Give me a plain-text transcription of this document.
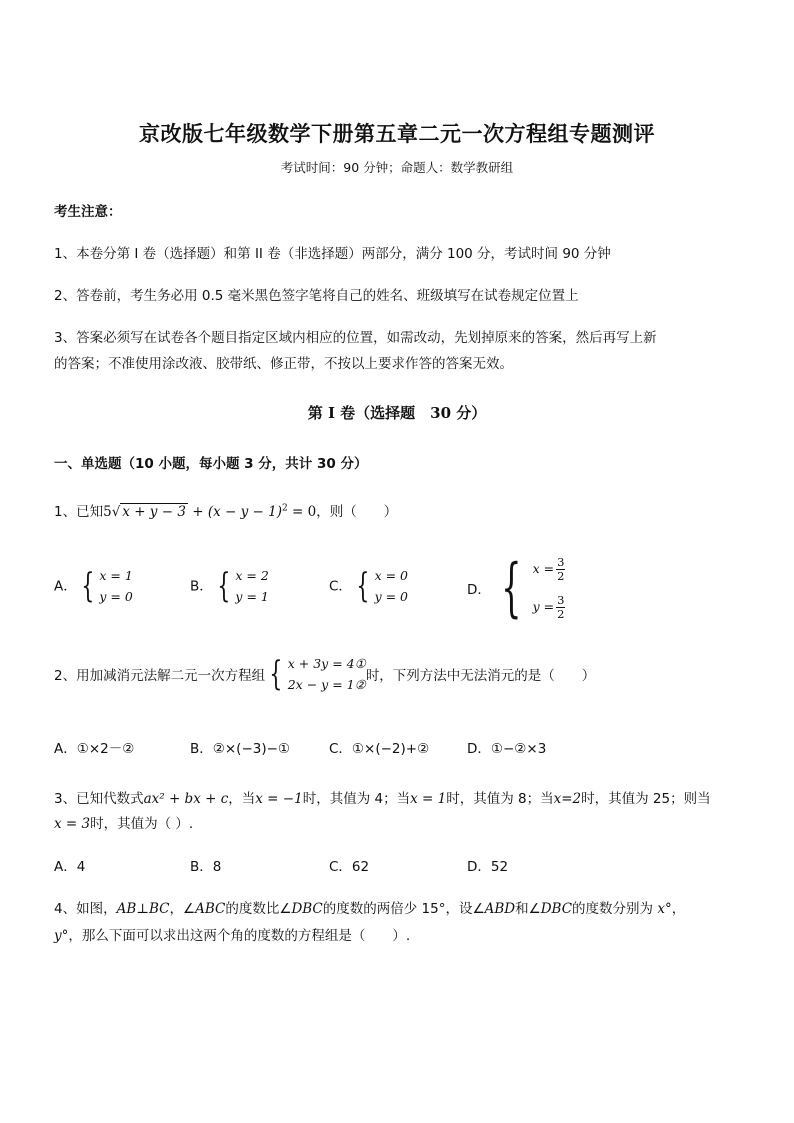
京改版七年级数学下册第五章二元一次方程组专题测评
考试时间：90 分钟；命题人：数学教研组
考生注意：
1、本卷分第 I 卷（选择题）和第 II 卷（非选择题）两部分，满分 100 分，考试时间 90 分钟
2、答卷前，考生务必用 0.5 毫米黑色签字笔将自己的姓名、班级填写在试卷规定位置上
3、答案必须写在试卷各个题目指定区域内相应的位置，如需改动，先划掉原来的答案，然后再写上新
的答案；不准使用涂改液、胶带纸、修正带，不按以上要求作答的答案无效。
第 I 卷（选择题　30 分）
一、单选题（10 小题，每小题 3 分，共计 30 分）
1、已知5√ $x + y - 3 + (x - y - 1)^2 = 0$，则（　　）
A． { x = 1
y = 0
B． { x = 2
y = 1
C． { x = 0
y = 0	D． { $x = \frac{3}{2}$
$y = \frac{3}{2}$
2、用加减消元法解二元一次方程组 { x + 3y = 4①
2x − y = 1②
时，下列方法中无法消元的是（　　）
A．①×2－②	B．②×(−3)−①	C．①×(−2)+②	D．①−②×3
3、已知代数式ax² + bx + c，当x = −1时，其值为 4；当x = 1时，其值为 8；当x=2时，其值为 25；则当
x = 3时，其值为（ ）.
A．4	B．8	C．62	D．52
4、如图，AB⊥BC，∠ABC的度数比∠DBC的度数的两倍少 15°，设∠ABD和∠DBC的度数分别为 x°，
y°，那么下面可以求出这两个角的度数的方程组是（　　）.
